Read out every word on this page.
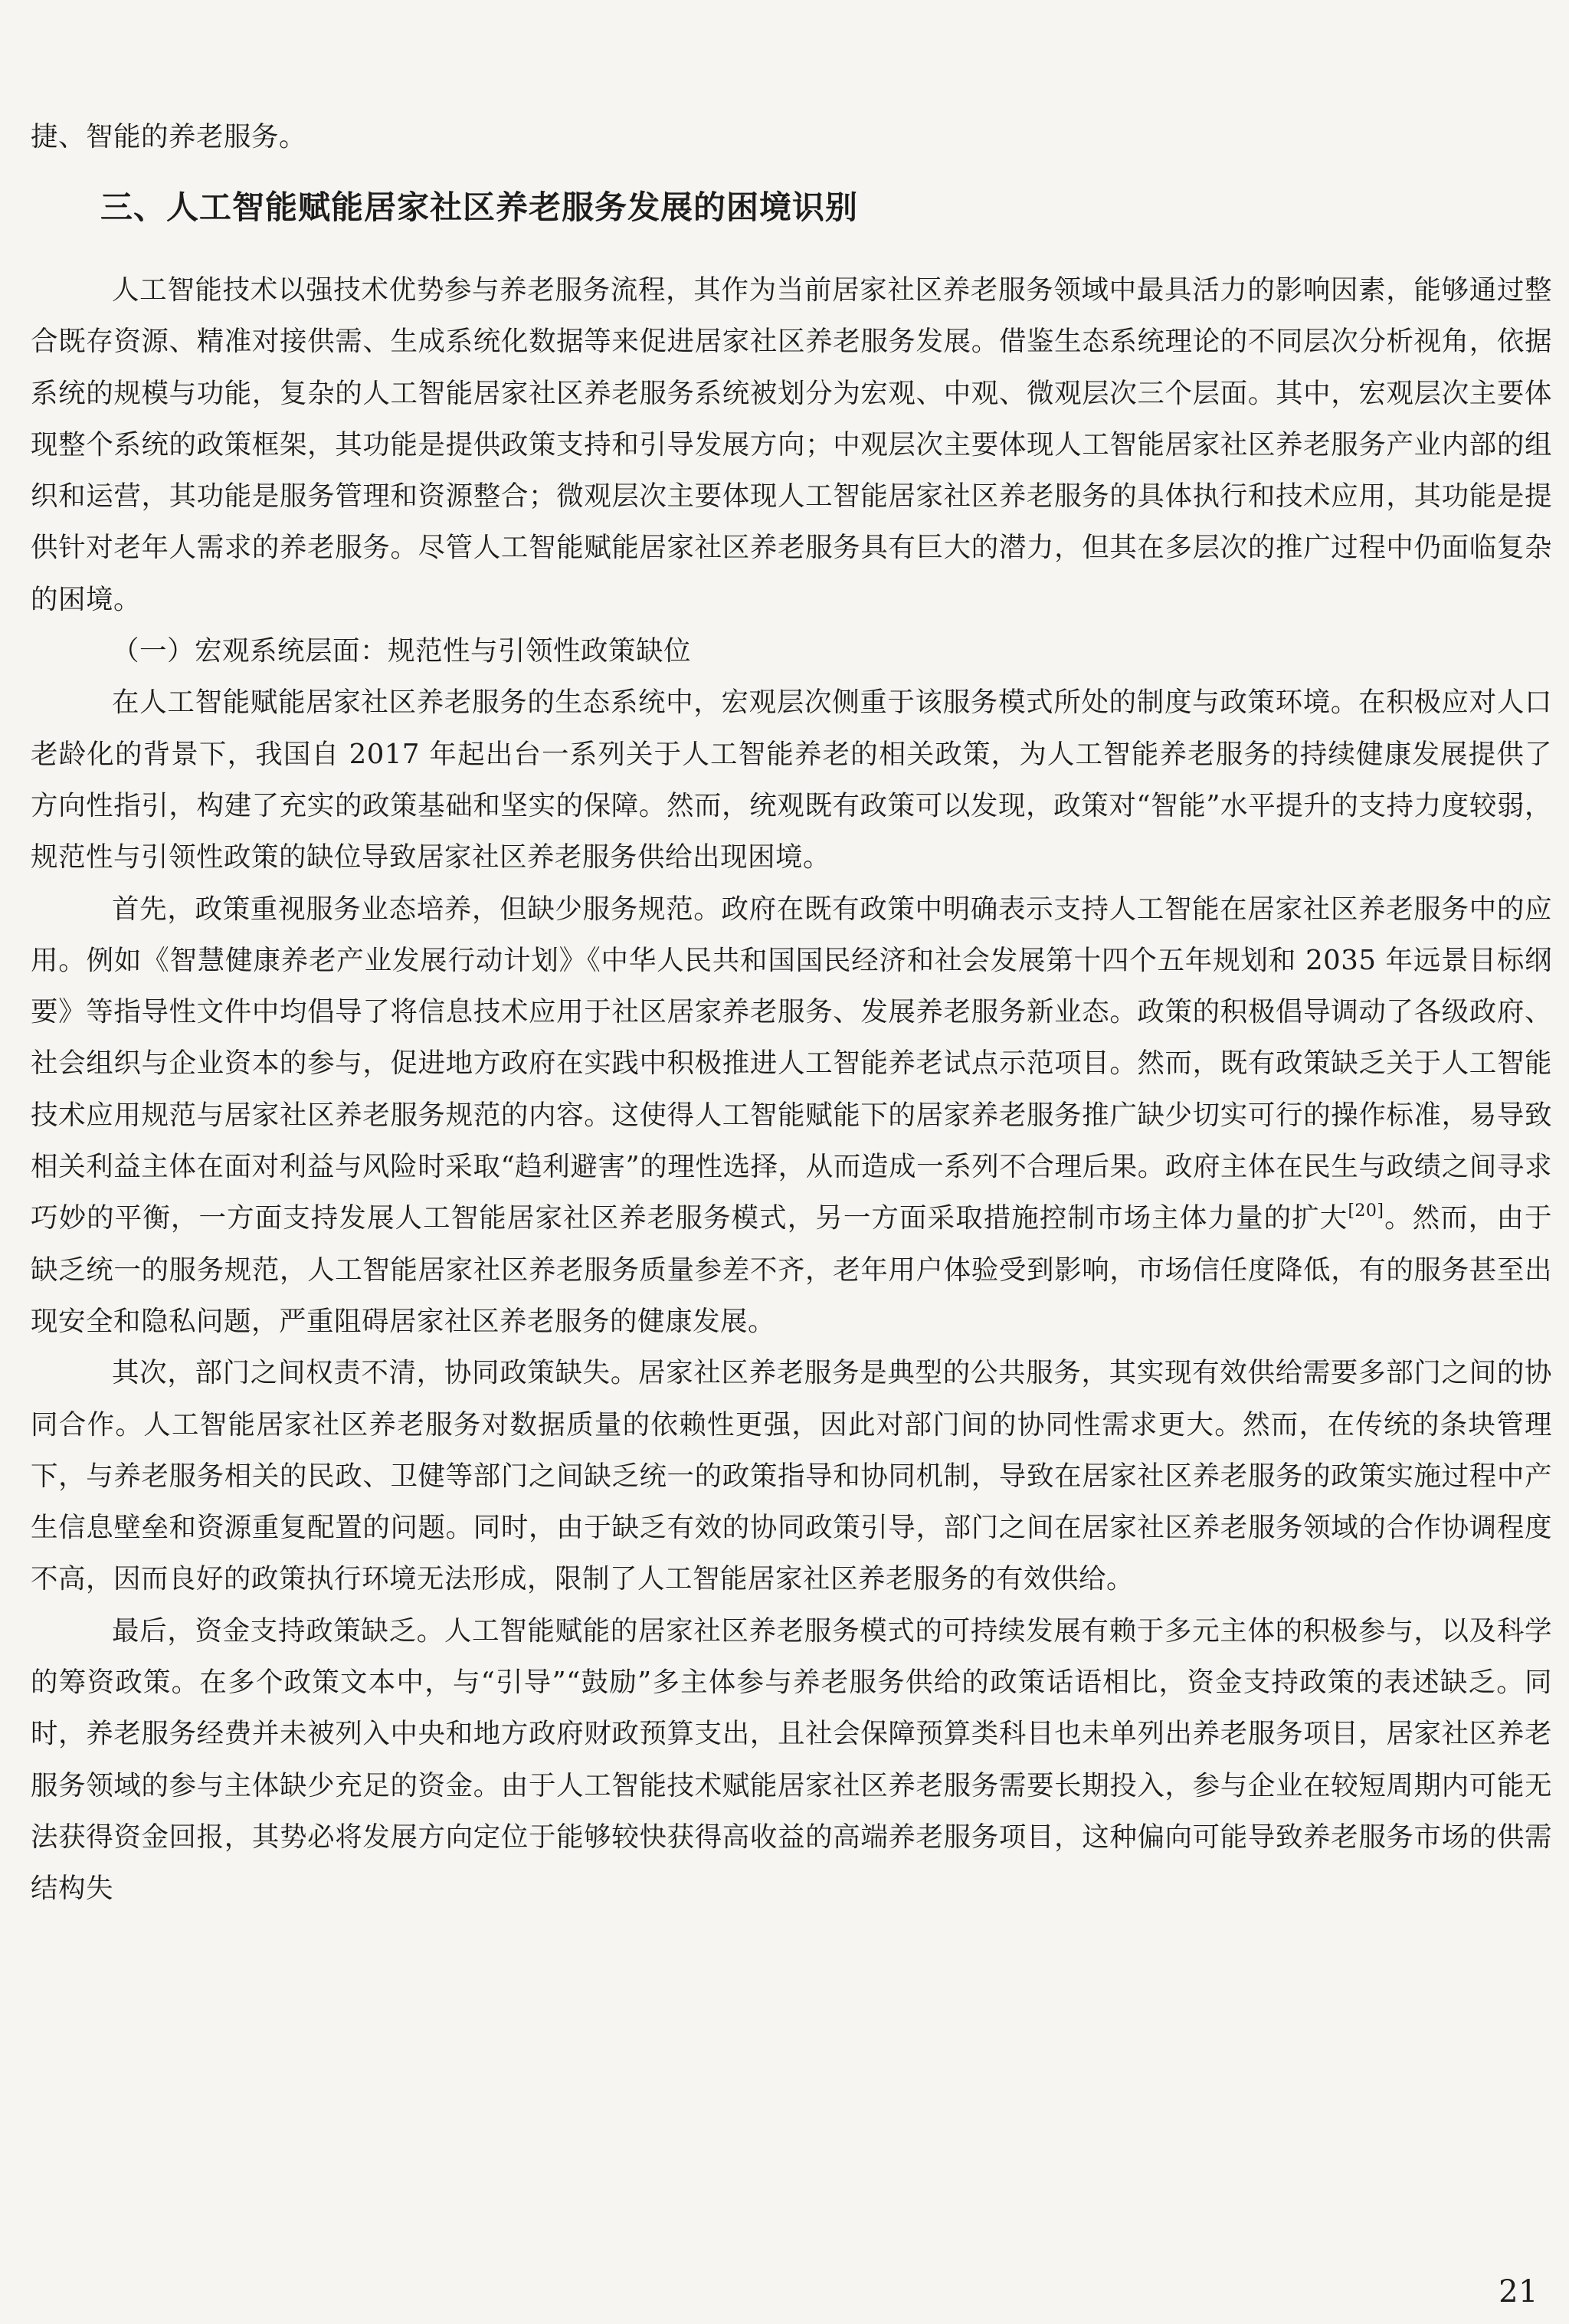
捷、智能的养老服务。

三、人工智能赋能居家社区养老服务发展的困境识别

人工智能技术以强技术优势参与养老服务流程，其作为当前居家社区养老服务领域中最具活力的影响因素，能够通过整合既存资源、精准对接供需、生成系统化数据等来促进居家社区养老服务发展。借鉴生态系统理论的不同层次分析视角，依据系统的规模与功能，复杂的人工智能居家社区养老服务系统被划分为宏观、中观、微观层次三个层面。其中，宏观层次主要体现整个系统的政策框架，其功能是提供政策支持和引导发展方向；中观层次主要体现人工智能居家社区养老服务产业内部的组织和运营，其功能是服务管理和资源整合；微观层次主要体现人工智能居家社区养老服务的具体执行和技术应用，其功能是提供针对老年人需求的养老服务。尽管人工智能赋能居家社区养老服务具有巨大的潜力，但其在多层次的推广过程中仍面临复杂的困境。

（一）宏观系统层面：规范性与引领性政策缺位

在人工智能赋能居家社区养老服务的生态系统中，宏观层次侧重于该服务模式所处的制度与政策环境。在积极应对人口老龄化的背景下，我国自 2017 年起出台一系列关于人工智能养老的相关政策，为人工智能养老服务的持续健康发展提供了方向性指引，构建了充实的政策基础和坚实的保障。然而，统观既有政策可以发现，政策对“智能”水平提升的支持力度较弱，规范性与引领性政策的缺位导致居家社区养老服务供给出现困境。

首先，政策重视服务业态培养，但缺少服务规范。政府在既有政策中明确表示支持人工智能在居家社区养老服务中的应用。例如《智慧健康养老产业发展行动计划》《中华人民共和国国民经济和社会发展第十四个五年规划和 2035 年远景目标纲要》等指导性文件中均倡导了将信息技术应用于社区居家养老服务、发展养老服务新业态。政策的积极倡导调动了各级政府、社会组织与企业资本的参与，促进地方政府在实践中积极推进人工智能养老试点示范项目。然而，既有政策缺乏关于人工智能技术应用规范与居家社区养老服务规范的内容。这使得人工智能赋能下的居家养老服务推广缺少切实可行的操作标准，易导致相关利益主体在面对利益与风险时采取“趋利避害”的理性选择，从而造成一系列不合理后果。政府主体在民生与政绩之间寻求巧妙的平衡，一方面支持发展人工智能居家社区养老服务模式，另一方面采取措施控制市场主体力量的扩大[20]。然而，由于缺乏统一的服务规范，人工智能居家社区养老服务质量参差不齐，老年用户体验受到影响，市场信任度降低，有的服务甚至出现安全和隐私问题，严重阻碍居家社区养老服务的健康发展。

其次，部门之间权责不清，协同政策缺失。居家社区养老服务是典型的公共服务，其实现有效供给需要多部门之间的协同合作。人工智能居家社区养老服务对数据质量的依赖性更强，因此对部门间的协同性需求更大。然而，在传统的条块管理下，与养老服务相关的民政、卫健等部门之间缺乏统一的政策指导和协同机制，导致在居家社区养老服务的政策实施过程中产生信息壁垒和资源重复配置的问题。同时，由于缺乏有效的协同政策引导，部门之间在居家社区养老服务领域的合作协调程度不高，因而良好的政策执行环境无法形成，限制了人工智能居家社区养老服务的有效供给。

最后，资金支持政策缺乏。人工智能赋能的居家社区养老服务模式的可持续发展有赖于多元主体的积极参与，以及科学的筹资政策。在多个政策文本中，与“引导”“鼓励”多主体参与养老服务供给的政策话语相比，资金支持政策的表述缺乏。同时，养老服务经费并未被列入中央和地方政府财政预算支出，且社会保障预算类科目也未单列出养老服务项目，居家社区养老服务领域的参与主体缺少充足的资金。由于人工智能技术赋能居家社区养老服务需要长期投入，参与企业在较短周期内可能无法获得资金回报，其势必将发展方向定位于能够较快获得高收益的高端养老服务项目，这种偏向可能导致养老服务市场的供需结构失

21
